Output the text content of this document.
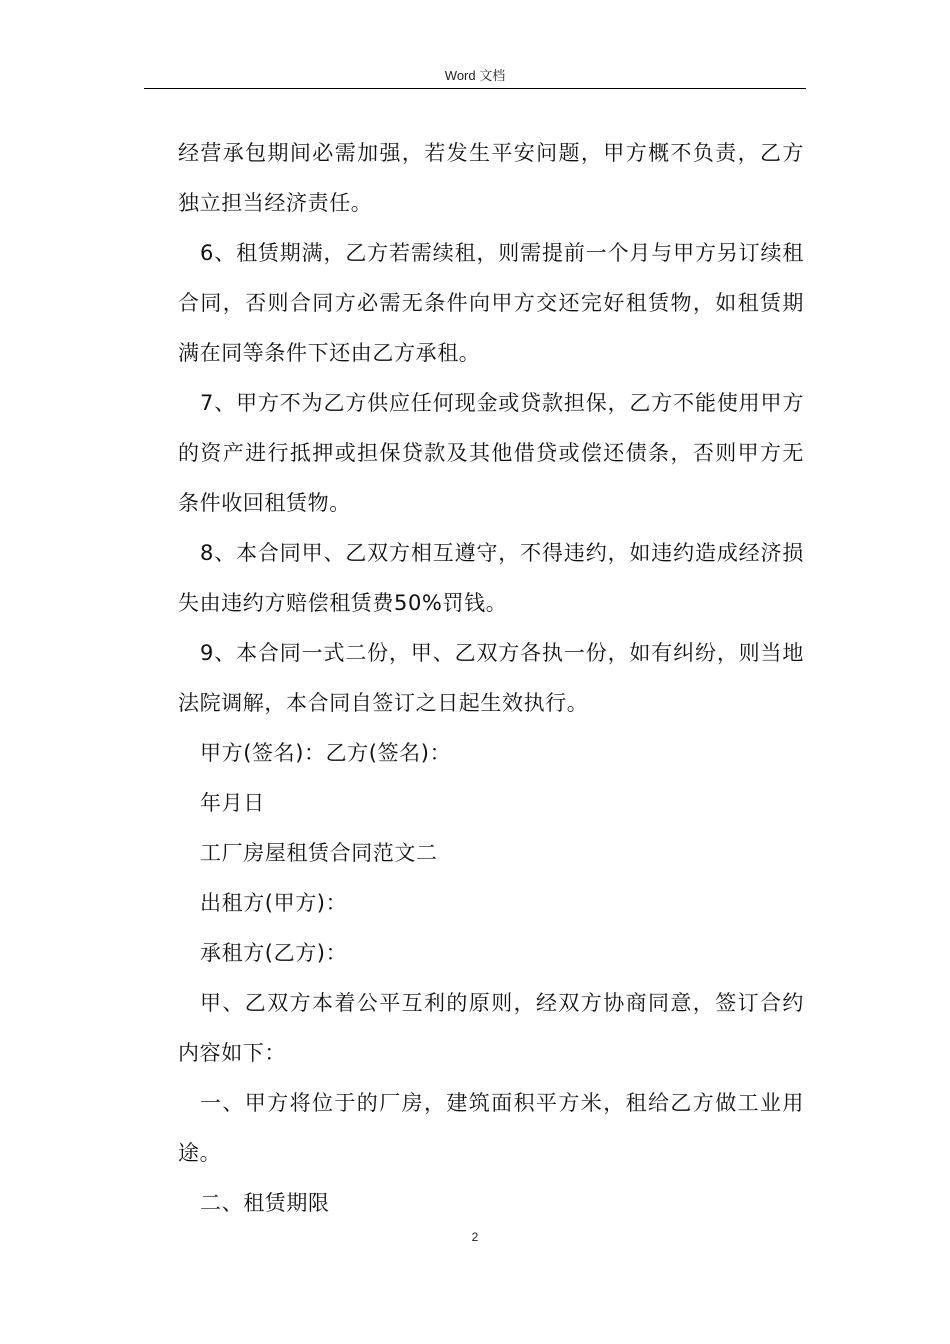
Word 文档

经营承包期间必需加强，若发生平安问题，甲方概不负责，乙方独立担当经济责任。

6、租赁期满，乙方若需续租，则需提前一个月与甲方另订续租合同，否则合同方必需无条件向甲方交还完好租赁物，如租赁期满在同等条件下还由乙方承租。

7、甲方不为乙方供应任何现金或贷款担保，乙方不能使用甲方的资产进行抵押或担保贷款及其他借贷或偿还债条，否则甲方无条件收回租赁物。

8、本合同甲、乙双方相互遵守，不得违约，如违约造成经济损失由违约方赔偿租赁费50%罚钱。

9、本合同一式二份，甲、乙双方各执一份，如有纠纷，则当地法院调解，本合同自签订之日起生效执行。

甲方(签名)：乙方(签名)：

年月日

工厂房屋租赁合同范文二

出租方(甲方)：

承租方(乙方)：

甲、乙双方本着公平互利的原则，经双方协商同意，签订合约内容如下：

一、甲方将位于的厂房，建筑面积平方米，租给乙方做工业用途。

二、租赁期限

2
